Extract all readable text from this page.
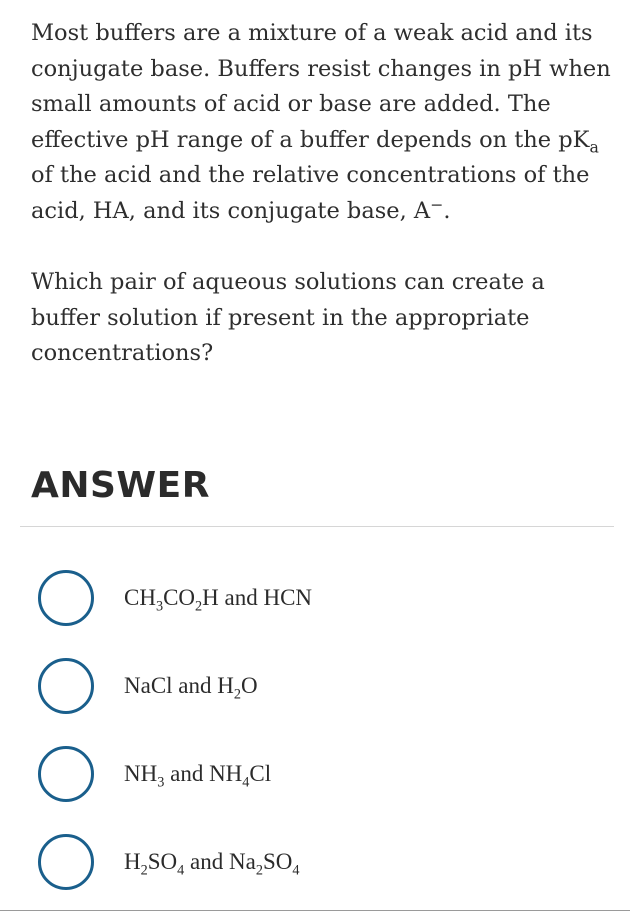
Most buffers are a mixture of a weak acid and its conjugate base. Buffers resist changes in pH when small amounts of acid or base are added. The effective pH range of a buffer depends on the $pK_a$ of the acid and the relative concentrations of the acid, HA, and its conjugate base, A−.

Which pair of aqueous solutions can create a buffer solution if present in the appropriate concentrations?

ANSWER
$CH_3CO_2H$ and HCN
NaCl and $H_2O$
$NH_3$ and $NH_4Cl$
$H_2SO_4$ and $Na_2SO_4$
